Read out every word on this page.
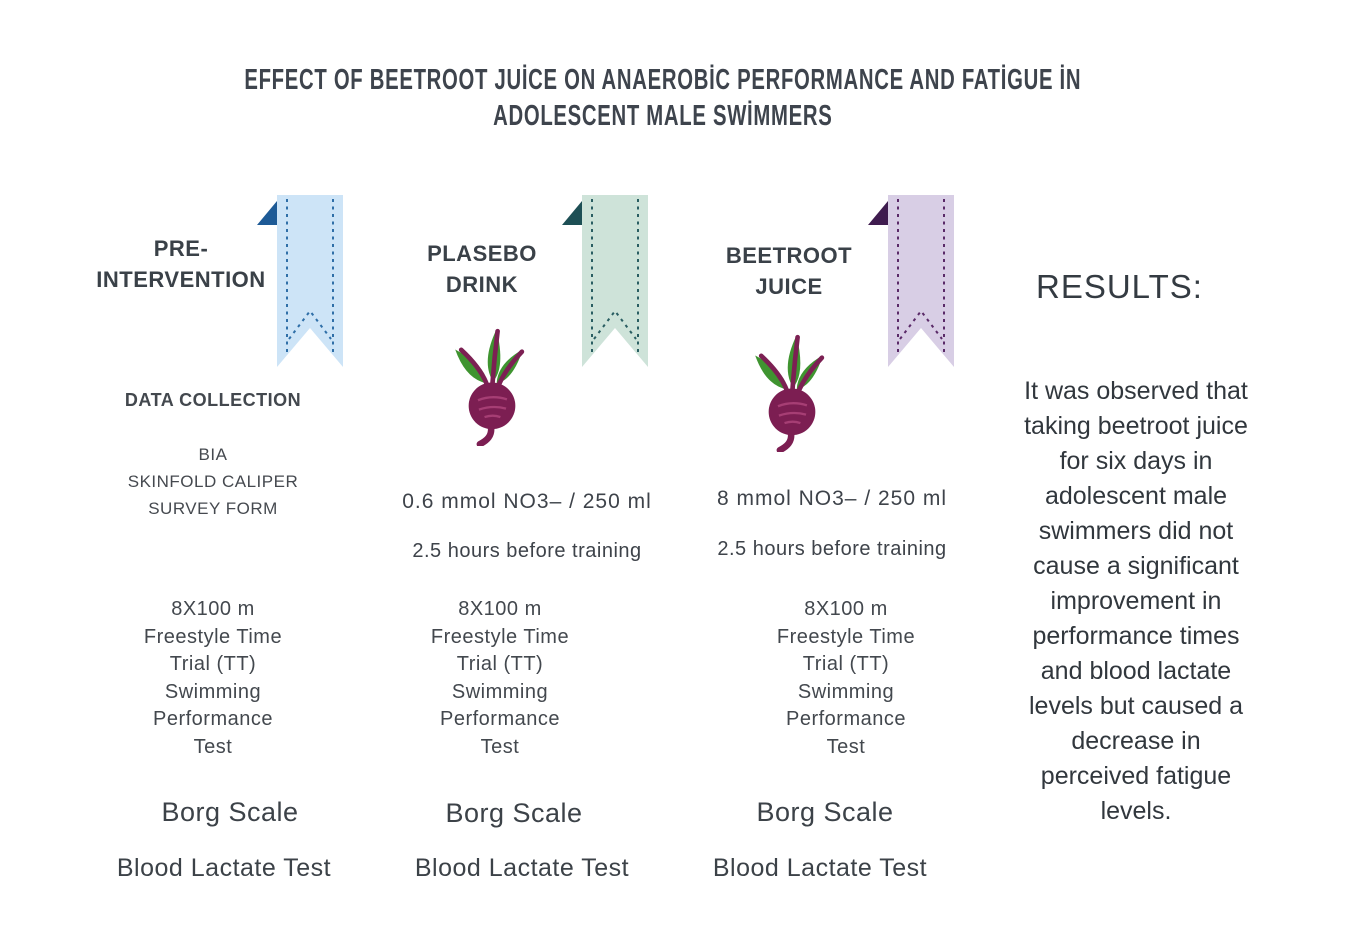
EFFECT OF BEETROOT JUİCE ON ANAEROBİC PERFORMANCE AND FATİGUE İN
ADOLESCENT MALE SWİMMERS
PRE-
INTERVENTION
DATA COLLECTION
BIA
SKINFOLD CALIPER
SURVEY FORM
8X100 m
Freestyle Time
Trial (TT)
Swimming
Performance
Test
Borg Scale
Blood Lactate Test
PLASEBO
DRINK
0.6 mmol NO3– / 250 ml
2.5 hours before training
8X100 m
Freestyle Time
Trial (TT)
Swimming
Performance
Test
Borg Scale
Blood Lactate Test
BEETROOT
JUICE
8 mmol NO3– / 250 ml
2.5 hours before training
8X100 m
Freestyle Time
Trial (TT)
Swimming
Performance
Test
Borg Scale
Blood Lactate Test
RESULTS:
It was observed that
taking beetroot juice
for six days in
adolescent male
swimmers did not
cause a significant
improvement in
performance times
and blood lactate
levels but caused a
decrease in
perceived fatigue
levels.
